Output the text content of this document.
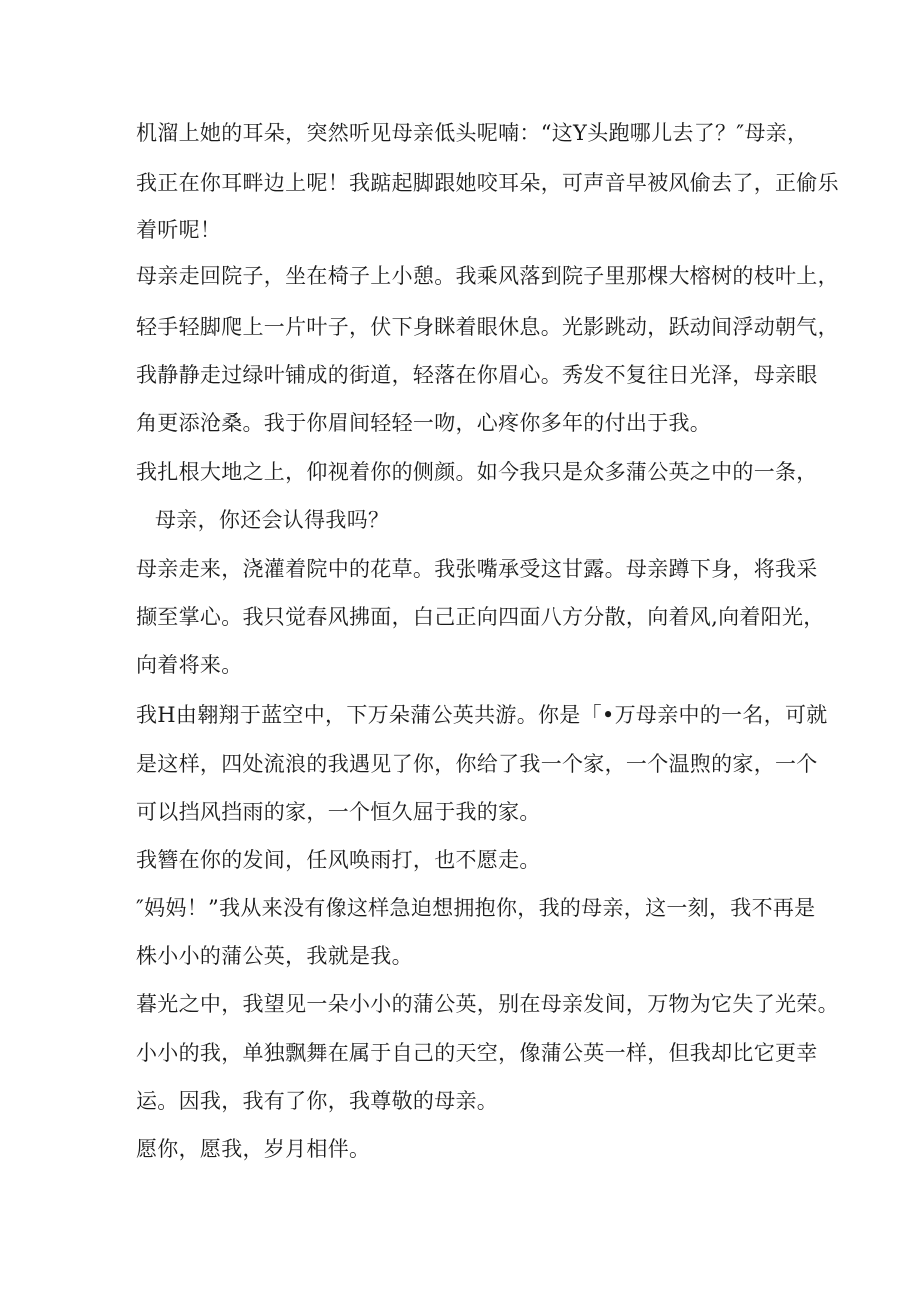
机溜上她的耳朵，突然听见母亲低头呢喃：“这Y头跑哪儿去了？″母亲，

我正在你耳畔边上呢！我踮起脚跟她咬耳朵，可声音早被风偷去了，正偷乐

着听呢！

母亲走回院子，坐在椅子上小憩。我乘风落到院子里那棵大榕树的枝叶上，

轻手轻脚爬上一片叶子，伏下身眯着眼休息。光影跳动，跃动间浮动朝气，

我静静走过绿叶铺成的街道，轻落在你眉心。秀发不复往日光泽，母亲眼

角更添沧桑。我于你眉间轻轻一吻，心疼你多年的付出于我。

我扎根大地之上，仰视着你的侧颜。如今我只是众多蒲公英之中的一条，

母亲，你还会认得我吗？

母亲走来，浇灌着院中的花草。我张嘴承受这甘露。母亲蹲下身，将我采

撷至掌心。我只觉春风拂面，白己正向四面八方分散，向着风,向着阳光，

向着将来。

我H由翱翔于蓝空中，下万朵蒲公英共游。你是「•万母亲中的一名，可就

是这样，四处流浪的我遇见了你，你给了我一个家，一个温煦的家，一个

可以挡风挡雨的家，一个恒久屈于我的家。

我簪在你的发间，任风唤雨打，也不愿走。

″妈妈！”我从来没有像这样急迫想拥抱你，我的母亲，这一刻，我不再是

株小小的蒲公英，我就是我。

暮光之中，我望见一朵小小的蒲公英，别在母亲发间，万物为它失了光荣。

小小的我，单独飘舞在属于自己的天空，像蒲公英一样，但我却比它更幸

运。因我，我有了你，我尊敬的母亲。

愿你，愿我，岁月相伴。
